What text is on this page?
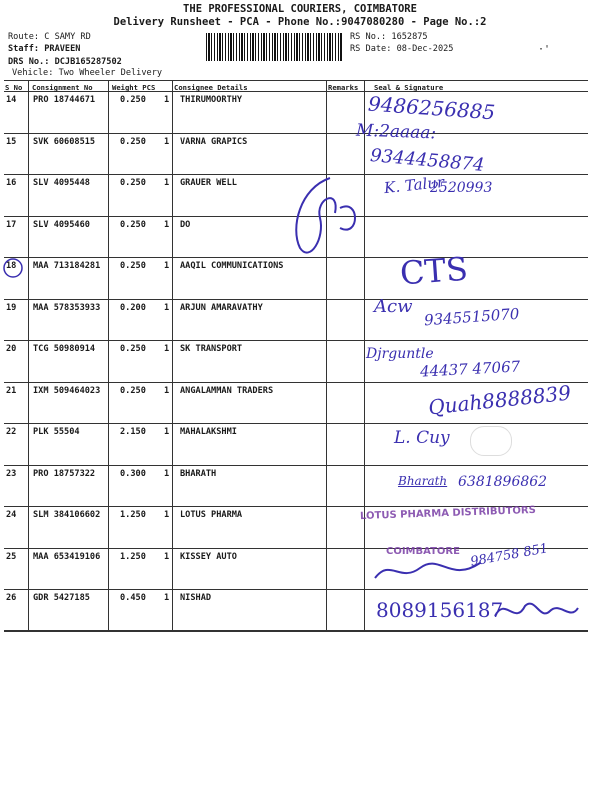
THE PROFESSIONAL COURIERS, COIMBATORE
Delivery Runsheet - PCA - Phone No.:9047080280 - Page No.:2
Route: C SAMY RD
Staff: PRAVEEN
DRS No.: DCJB165287502
Vehicle: Two Wheeler Delivery
RS No.: 1652875
RS Date: 08-Dec-2025	·'
S No Consignment No	Weight PCS	Consignee Details	Remarks Seal & Signature
14 PRO 18744671	0.250 1 THIRUMOORTHY
15 SVK 60608515	0.250 1 VARNA GRAPICS
16 SLV 4095448	0.250 1 GRAUER WELL
17 SLV 4095460	0.250 1 DO
18 MAA 713184281 0.250 1 AAQIL COMMUNICATIONS
19 MAA 578353933 0.200 1 ARJUN AMARAVATHY
20 TCG 50980914	0.250 1 SK TRANSPORT
21 IXM 509464023 0.250 1 ANGALAMMAN TRADERS
22 PLK 55504	2.150 1 MAHALAKSHMI
23 PRO 18757322	0.300 1 BHARATH
24 SLM 384106602 1.250 1 LOTUS PHARMA
25 MAA 653419106 1.250 1 KISSEY AUTO
26 GDR 5427185	0.450 1 NISHAD
9486256885
M:2aaaa:
9344458874
K. Talur
2520993
CTS
Acw 9345515070
Djrguntle
44437 47067
Quah8888839
L. Cuy
Bharath 6381896862
LOTUS PHARMA DISTRIBUTORS
COIMBATORE 984758 851
8089156187
